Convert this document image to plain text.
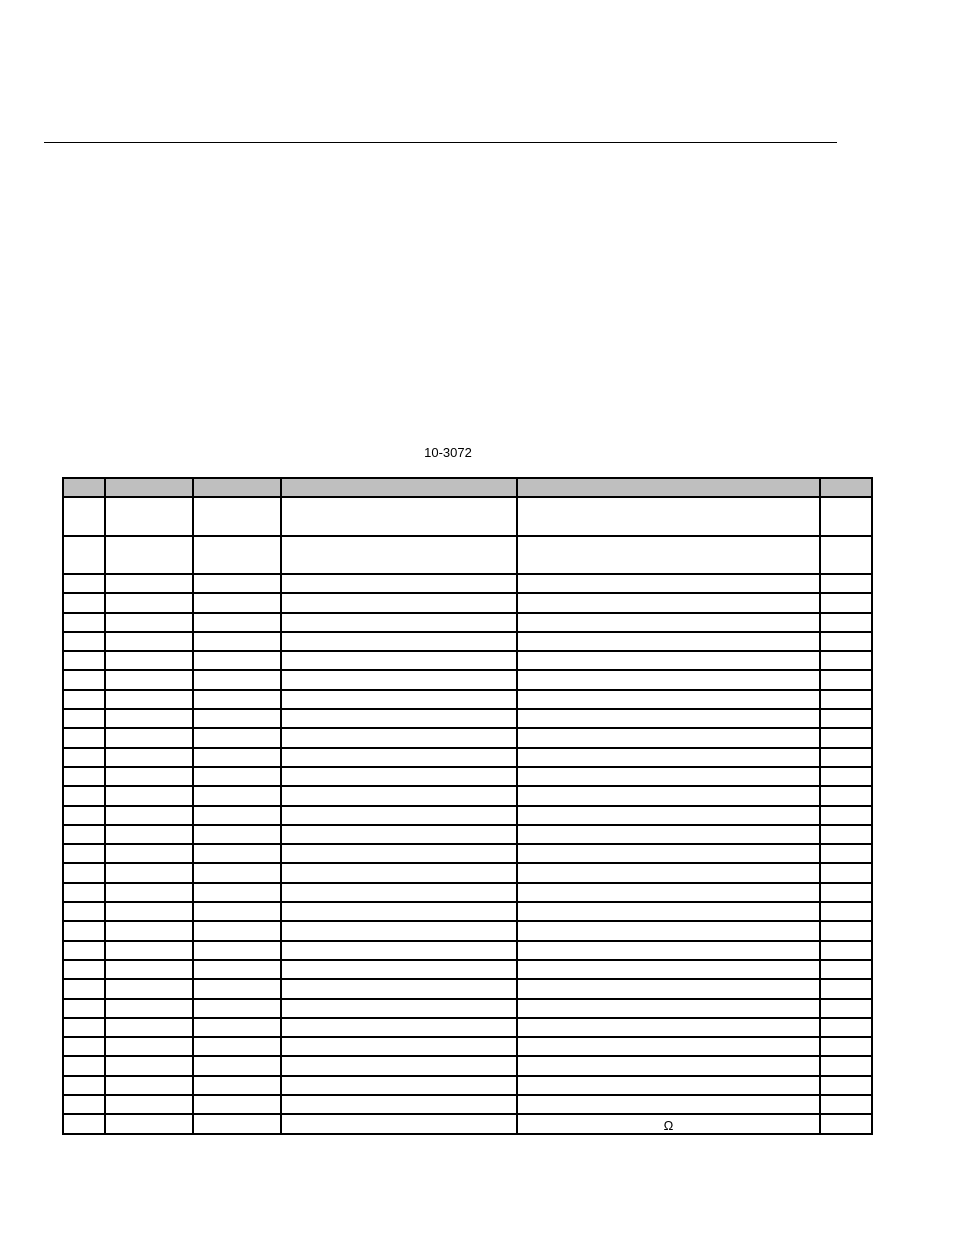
10-3072

				Ω	
